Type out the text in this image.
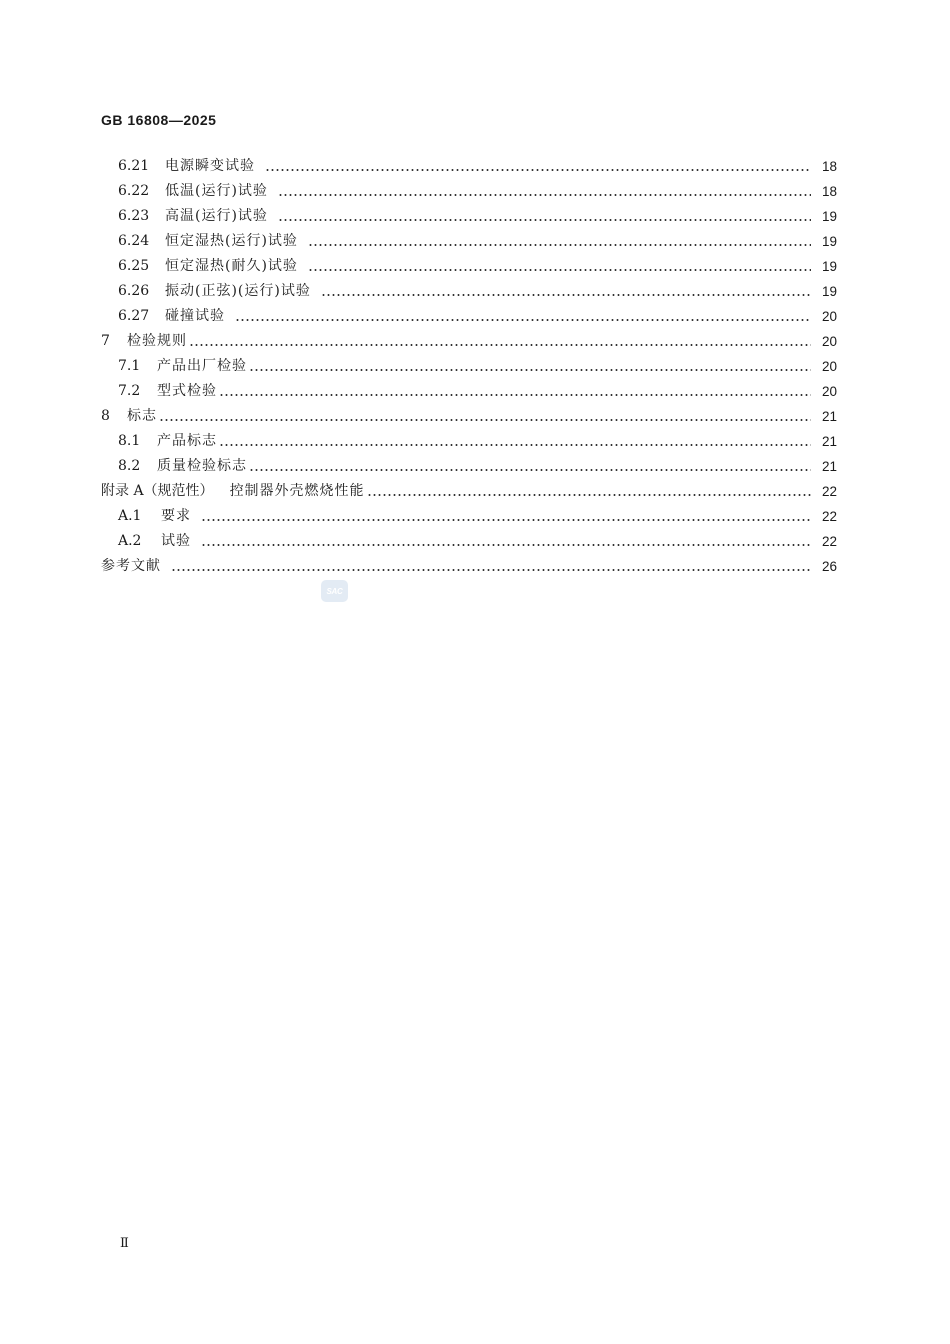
GB 16808—2025
6.21	电源瞬变试验	18
6.22	低温(运行)试验	18
6.23	高温(运行)试验	19
6.24	恒定湿热(运行)试验	19
6.25	恒定湿热(耐久)试验	19
6.26	振动(正弦)(运行)试验	19
6.27	碰撞试验	20
7	检验规则	20
7.1	产品出厂检验	20
7.2	型式检验	20
8	标志	21
8.1	产品标志	21
8.2	质量检验标志	21
附录 A（规范性） 控制器外壳燃烧性能	22
A.1	要求	22
A.2	试验	22
参考文献	26
SAC
Ⅱ
